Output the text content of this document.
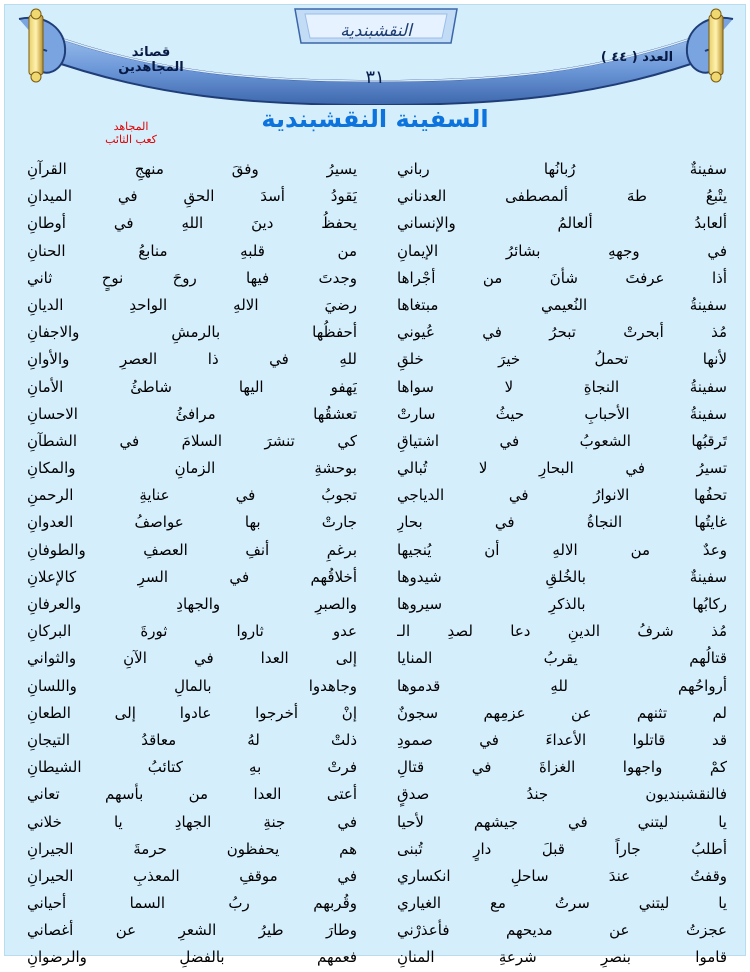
النقشبندية
العدد ( ٤٤ )
قصائد المجاهدين	٣١
السفينة النقشبندية
المجاهد
كعب الثائب
سفينةٌ رُبانُها رباني
يسيرُ وفقَ منهجِ القرآنِ
يتْبعُ طهَ ألمصطفى العدناني
يَقودُ أسدَ الحقِ في الميدانِ
ألعابدُ ألعالمُ والإنساني
يحفظُ دينَ اللهِ في أوطانِ
في وجههِ بشائرُ الإيمانِ
من قلبهِ منابعُ الحنانِ
أذا عرفتَ شأنَ من أجْراها
وجدتَ فيها روحَ نوحٍ ثاني
سفينةُ النُعيمي مبتغاها
رضيَ الالهِ الواحدِ الديانِ
مُذ أبحرتْ تبحرُ في عُيوني
أحفظُها بالرمشِ والاجفانِ
لأنها تحملُ خيرَ خلقِ
للهِ في ذا العصرِ والأوانِ
سفينةُ النجاةِ لا سواها
يَهفو اليها شاطئُ الأمانِ
سفينةُ الأحبابِ حيثُ سارتْ
تعشقُها مرافئُ الاحسانِ
تَرقبُها الشعوبُ في اشتياقِ
كي تنشرَ السلامَ في الشطآنِ
تسيرُ في البحارِ لا تُبالي
بوحشةِ الزمانِ والمكانِ
تحفُها الانوارُ في الدياجي
تجوبُ في عنايةِ الرحمنِ
غايتُها النجاةُ في بحارِ
جارتْ بها عواصفُ العدوانِ
وعدٌ من الالهِ أن يُنجيها
برغمِ أنفِ العصفِ والطوفانِ
سفينةٌ بالخُلقِ شيدوها
أخلاقُهم في السرِ كالإعلانِ
ركابُها بالذكرِ سيروها
والصبرِ والجهادِ والعرفانِ
مُذ شرفُ الدينِ دعا لصدِ الـ
عدو ثاروا ثورةَ البركانِ
قتالُهم يقربُ المنايا
إلى العدا في الآنِ والثواني
أرواحُهم للهِ قدموها
وجاهدوا بالمالِ واللسانِ
لم تثنهم عن عزمِهم سجونٌ
إنْ أخرجوا عادوا إلى الطعانِ
قد قاتلوا الأعداءَ في صمودِ
ذلتْ لهُ معاقدُ التيجانِ
كمْ واجهوا الغزاةَ في قتالِ
فرتْ بهِ كتائبُ الشيطانِ
فالنقشبنديون جندُ صدقٍ
أعتى العدا من بأسهم تعاني
يا ليتني في جيشهم لأحيا
في جنةِ الجهادِ يا خلاني
أطلبُ جاراً قبلَ دارٍ تُبنى
هم يحفظون حرمةَ الجيرانِ
وقفتُ عندَ ساحلِ انكساري
في موقفِ المعذبِ الحيرانِ
يا ليتني سرتُ مع الغياري
وقُربهم ربُ السما أحياني
عجزتُ عن مديحهم فأعذرْني
وطارَ طيرُ الشعرِ عن أغصاني
قاموا بنصرِ شرعةِ المنانِ
فعمهم بالفضلِ والرضوانِ
